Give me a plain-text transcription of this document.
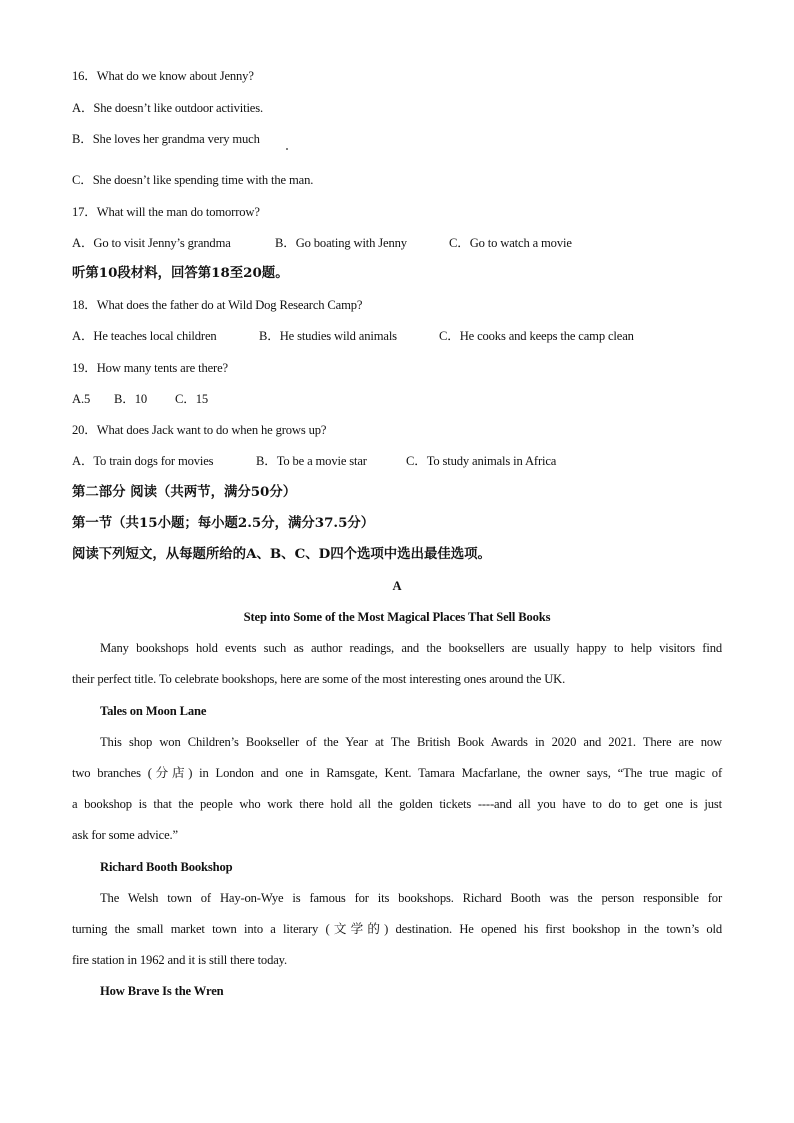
16．What do we know about Jenny?
A．She doesn’t like outdoor activities.
B．She loves her grandma very much
C．She doesn’t like spending time with the man.
17．What will the man do tomorrow?
A．Go to visit Jenny’s grandma	B．Go boating with Jenny	C．Go to watch a movie
听第10段材料，回答第18至20题。
18．What does the father do at Wild Dog Research Camp?
A．He teaches local children	B．He studies wild animals	C．He cooks and keeps the camp clean
19．How many tents are there?
A.5 B．10 C．15
20．What does Jack want to do when he grows up?
A．To train dogs for movies	B．To be a movie star	C．To study animals in Africa
第二部分 阅读（共两节，满分50分）
第一节（共15小题；每小题2.5分，满分37.5分）
阅读下列短文，从每题所给的A、B、C、D四个选项中选出最佳选项。
A
Step into Some of the Most Magical Places That Sell Books
Many bookshops hold events such as author readings, and the booksellers are usually happy to help visitors find
their perfect title. To celebrate bookshops, here are some of the most interesting ones around the UK.
Tales on Moon Lane
This shop won Children’s Bookseller of the Year at The British Book Awards in 2020 and 2021. There are now
two branches (分店) in London and one in Ramsgate, Kent. Tamara Macfarlane, the owner says, “The true magic of
a bookshop is that the people who work there hold all the golden tickets ----and all you have to do to get one is just
ask for some advice.”
Richard Booth Bookshop
The Welsh town of Hay-on-Wye is famous for its bookshops. Richard Booth was the person responsible for
turning the small market town into a literary (文学的) destination. He opened his first bookshop in the town’s old
fire station in 1962 and it is still there today.
How Brave Is the Wren
